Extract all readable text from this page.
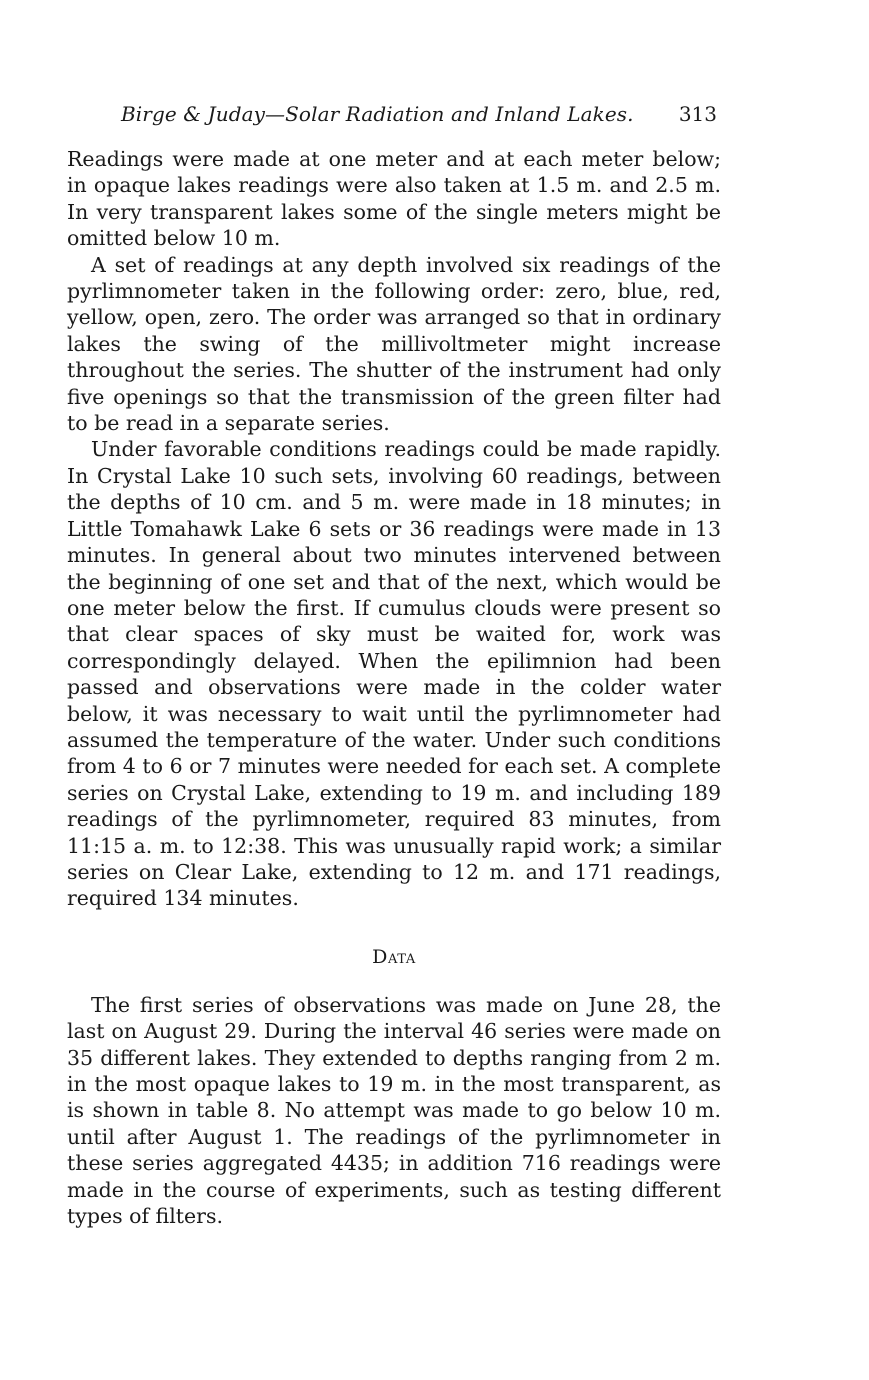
Birge & Juday—Solar Radiation and Inland Lakes. 313

Readings were made at one meter and at each meter below; in opaque lakes readings were also taken at 1.5 m. and 2.5 m. In very transparent lakes some of the single meters might be omitted below 10 m.

A set of readings at any depth involved six readings of the pyrlimnometer taken in the following order: zero, blue, red, yellow, open, zero. The order was arranged so that in ordinary lakes the swing of the millivoltmeter might increase throughout the series. The shutter of the instrument had only five openings so that the transmission of the green filter had to be read in a separate series.

Under favorable conditions readings could be made rapidly. In Crystal Lake 10 such sets, involving 60 readings, between the depths of 10 cm. and 5 m. were made in 18 minutes; in Little Tomahawk Lake 6 sets or 36 readings were made in 13 minutes. In general about two minutes intervened between the beginning of one set and that of the next, which would be one meter below the first. If cumulus clouds were present so that clear spaces of sky must be waited for, work was correspondingly delayed. When the epilimnion had been passed and observations were made in the colder water below, it was necessary to wait until the pyrlimnometer had assumed the temperature of the water. Under such conditions from 4 to 6 or 7 minutes were needed for each set. A complete series on Crystal Lake, extending to 19 m. and including 189 readings of the pyrlimnometer, required 83 minutes, from 11:15 a. m. to 12:38. This was unusually rapid work; a similar series on Clear Lake, extending to 12 m. and 171 readings, required 134 minutes.

Data

The first series of observations was made on June 28, the last on August 29. During the interval 46 series were made on 35 different lakes. They extended to depths ranging from 2 m. in the most opaque lakes to 19 m. in the most transparent, as is shown in table 8. No attempt was made to go below 10 m. until after August 1. The readings of the pyrlimnometer in these series aggregated 4435; in addition 716 readings were made in the course of experiments, such as testing different types of filters.
